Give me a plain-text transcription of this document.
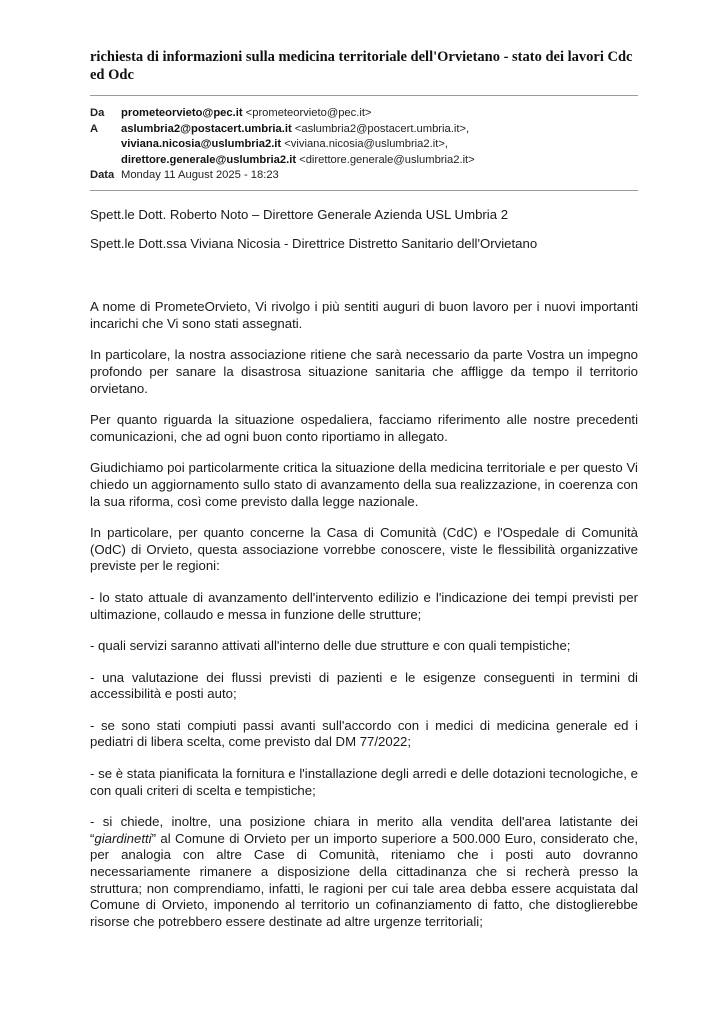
richiesta di informazioni sulla medicina territoriale dell'Orvietano - stato dei lavori Cdc ed Odc
Da	prometeorvieto@pec.it <prometeorvieto@pec.it>
A	aslumbria2@postacert.umbria.it <aslumbria2@postacert.umbria.it>,
viviana.nicosia@uslumbria2.it <viviana.nicosia@uslumbria2.it>,
direttore.generale@uslumbria2.it <direttore.generale@uslumbria2.it>
Data Monday 11 August 2025 - 18:23

Spett.le Dott. Roberto Noto – Direttore Generale Azienda USL Umbria 2

Spett.le Dott.ssa Viviana Nicosia - Direttrice Distretto Sanitario dell'Orvietano

A nome di PrometeOrvieto, Vi rivolgo i più sentiti auguri di buon lavoro per i nuovi importanti incarichi che Vi sono stati assegnati.

In particolare, la nostra associazione ritiene che sarà necessario da parte Vostra un impegno profondo per sanare la disastrosa situazione sanitaria che affligge da tempo il territorio orvietano.

Per quanto riguarda la situazione ospedaliera, facciamo riferimento alle nostre precedenti comunicazioni, che ad ogni buon conto riportiamo in allegato.

Giudichiamo poi particolarmente critica la situazione della medicina territoriale e per questo Vi chiedo un aggiornamento sullo stato di avanzamento della sua realizzazione, in coerenza con la sua riforma, così come previsto dalla legge nazionale.

In particolare, per quanto concerne la Casa di Comunità (CdC) e l'Ospedale di Comunità (OdC) di Orvieto, questa associazione vorrebbe conoscere, viste le flessibilità organizzative previste per le regioni:

- lo stato attuale di avanzamento dell'intervento edilizio e l'indicazione dei tempi previsti per ultimazione, collaudo e messa in funzione delle strutture;

- quali servizi saranno attivati all'interno delle due strutture e con quali tempistiche;

- una valutazione dei flussi previsti di pazienti e le esigenze conseguenti in termini di accessibilità e posti auto;

- se sono stati compiuti passi avanti sull'accordo con i medici di medicina generale ed i pediatri di libera scelta, come previsto dal DM 77/2022;

- se è stata pianificata la fornitura e l'installazione degli arredi e delle dotazioni tecnologiche, e con quali criteri di scelta e tempistiche;

- si chiede, inoltre, una posizione chiara in merito alla vendita dell'area latistante dei “giardinetti” al Comune di Orvieto per un importo superiore a 500.000 Euro, considerato che, per analogia con altre Case di Comunità, riteniamo che i posti auto dovranno necessariamente rimanere a disposizione della cittadinanza che si recherà presso la struttura; non comprendiamo, infatti, le ragioni per cui tale area debba essere acquistata dal Comune di Orvieto, imponendo al territorio un cofinanziamento di fatto, che distoglierebbe risorse che potrebbero essere destinate ad altre urgenze territoriali;
